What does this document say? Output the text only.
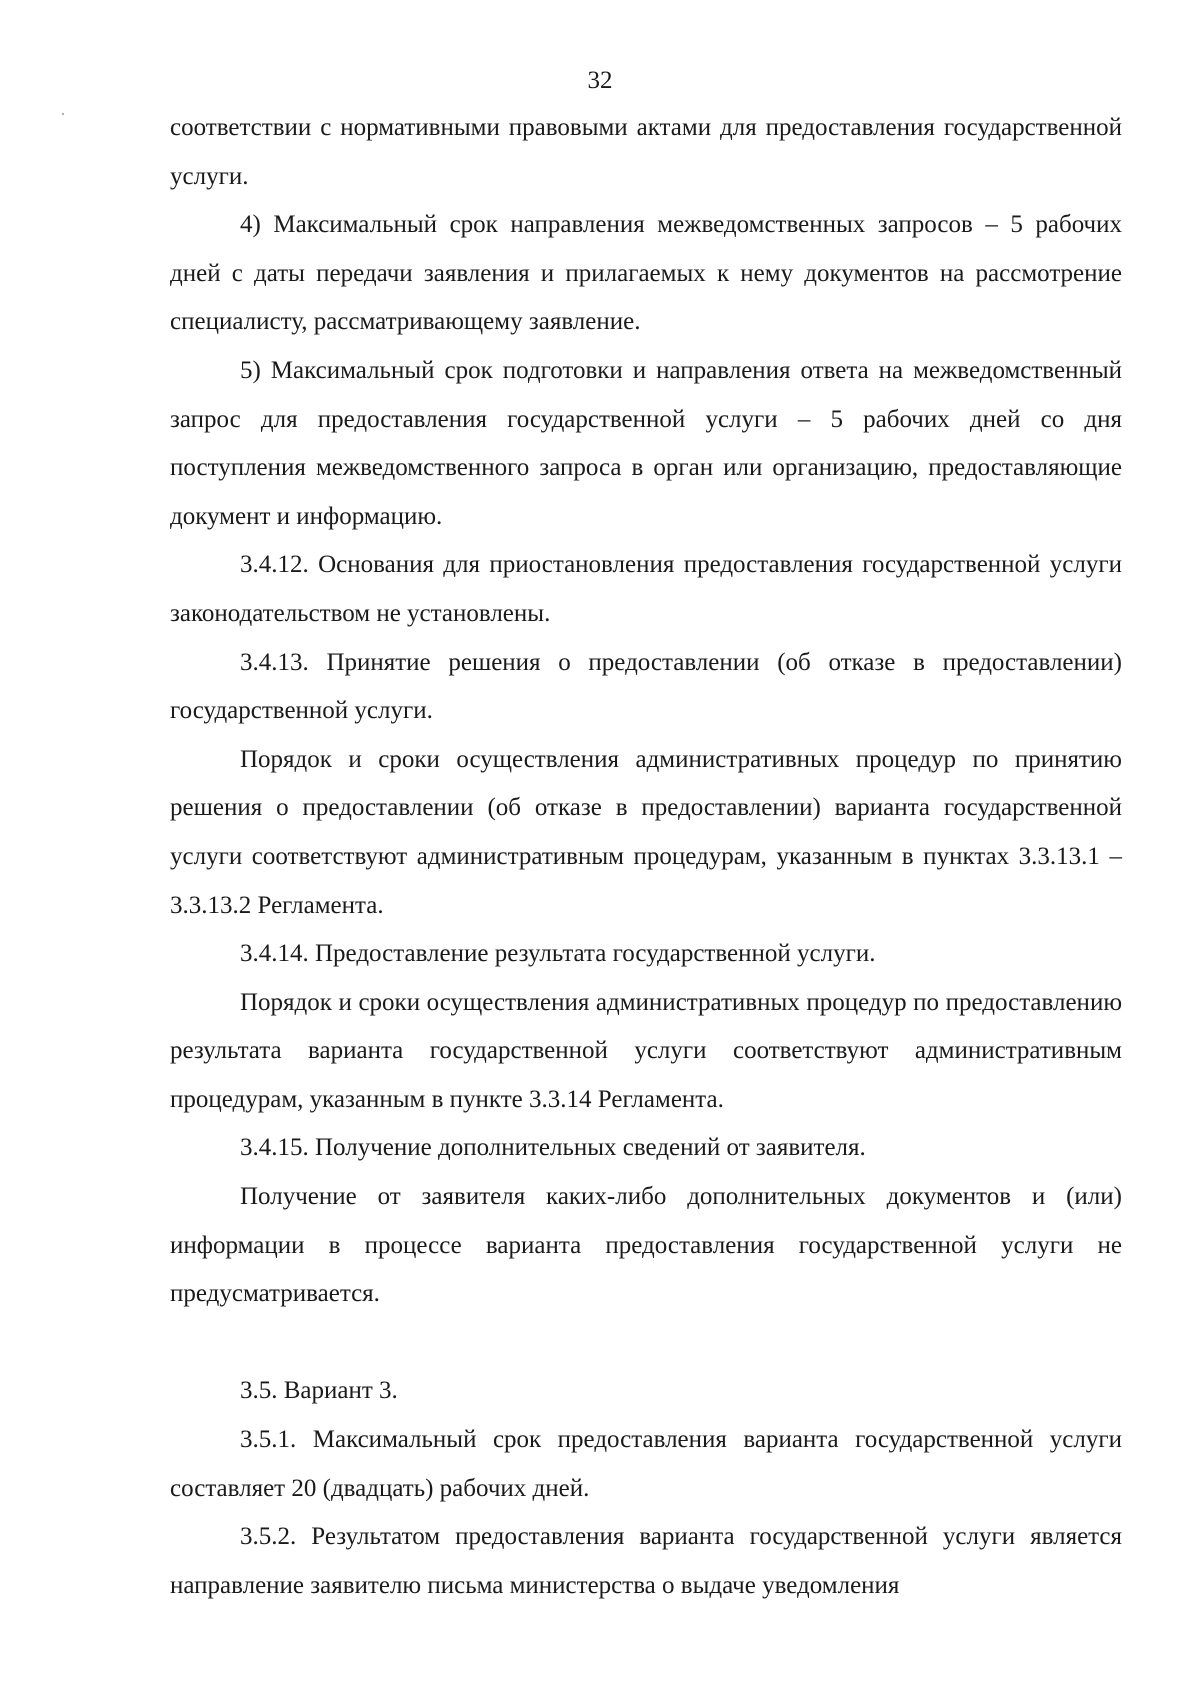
32

соответствии с нормативными правовыми актами для предоставления государственной услуги.

4) Максимальный срок направления межведомственных запросов – 5 рабочих дней с даты передачи заявления и прилагаемых к нему документов на рассмотрение специалисту, рассматривающему заявление.

5) Максимальный срок подготовки и направления ответа на межведомственный запрос для предоставления государственной услуги – 5 рабочих дней со дня поступления межведомственного запроса в орган или организацию, предоставляющие документ и информацию.

3.4.12. Основания для приостановления предоставления государственной услуги законодательством не установлены.

3.4.13. Принятие решения о предоставлении (об отказе в предоставлении) государственной услуги.

Порядок и сроки осуществления административных процедур по принятию решения о предоставлении (об отказе в предоставлении) варианта государственной услуги соответствуют административным процедурам, указанным в пунктах 3.3.13.1 – 3.3.13.2 Регламента.

3.4.14. Предоставление результата государственной услуги.

Порядок и сроки осуществления административных процедур по предоставлению результата варианта государственной услуги соответствуют административным процедурам, указанным в пункте 3.3.14 Регламента.

3.4.15. Получение дополнительных сведений от заявителя.

Получение от заявителя каких-либо дополнительных документов и (или) информации в процессе варианта предоставления государственной услуги не предусматривается.

3.5. Вариант 3.

3.5.1. Максимальный срок предоставления варианта государственной услуги составляет 20 (двадцать) рабочих дней.

3.5.2. Результатом предоставления варианта государственной услуги является направление заявителю письма министерства о выдаче уведомления
